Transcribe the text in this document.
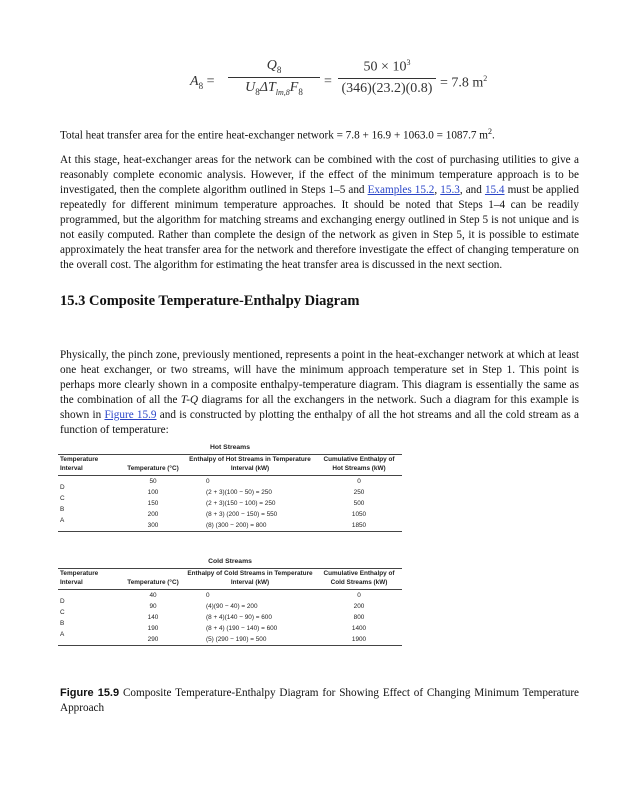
$A_8$ =
$Q_8$
$U_8\Delta T_{lm,8}F_8$
= $\frac{50 \times 10^3}{(346)(23.2)(0.8)} = 7.8$ $m^2$

Total heat transfer area for the entire heat-exchanger network = 7.8 + 16.9 + 1063.0 = 1087.7 $m^2$.

At this stage, heat-exchanger areas for the network can be combined with the cost of purchasing utilities to give a reasonably complete economic analysis. However, if the effect of the minimum temperature approach is to be investigated, then the complete algorithm outlined in Steps 1–5 and Examples 15.2, 15.3, and 15.4 must be applied repeatedly for different minimum temperature approaches. It should be noted that Steps 1–4 can be readily programmed, but the algorithm for matching streams and exchanging energy outlined in Step 5 is not unique and is not easily computed. Rather than complete the design of the network as given in Step 5, it is possible to estimate approximately the heat transfer area for the network and therefore investigate the effect of changing temperature on the overall cost. The algorithm for estimating the heat transfer area is discussed in the next section.

15.3 Composite Temperature-Enthalpy Diagram

Physically, the pinch zone, previously mentioned, represents a point in the heat-exchanger network at which at least one heat exchanger, or two streams, will have the minimum approach temperature set in Step 1. This point is perhaps more clearly shown in a composite enthalpy-temperature diagram. This diagram is essentially the same as the combination of all the T-Q diagrams for all the exchangers in the network. Such a diagram for this example is shown in Figure 15.9 and is constructed by plotting the enthalpy of all the hot streams and all the cold stream as a function of temperature:

Hot Streams

Temperature Interval	Temperature (°C)	Enthalpy of Hot Streams in Temperature Interval (kW)	Cumulative Enthalpy of Hot Streams (kW)
	50	0	0
D	100	(2 + 3)(100 − 50) = 250	250
C	150	(2 + 3)(150 − 100) = 250	500
B	200	(8 + 3) (200 − 150) = 550	1050
A	300	(8) (300 − 200) = 800	1850

Cold Streams

Temperature Interval	Temperature (°C)	Enthalpy of Cold Streams in Temperature Interval (kW)	Cumulative Enthalpy of Cold Streams (kW)
	40	0	0
D	90	(4)(90 − 40) = 200	200
C	140	(8 + 4)(140 − 90) = 600	800
B	190	(8 + 4) (190 − 140) = 600	1400
A	290	(5) (290 − 190) = 500	1900

Figure 15.9 Composite Temperature-Enthalpy Diagram for Showing Effect of Changing Minimum Temperature Approach
